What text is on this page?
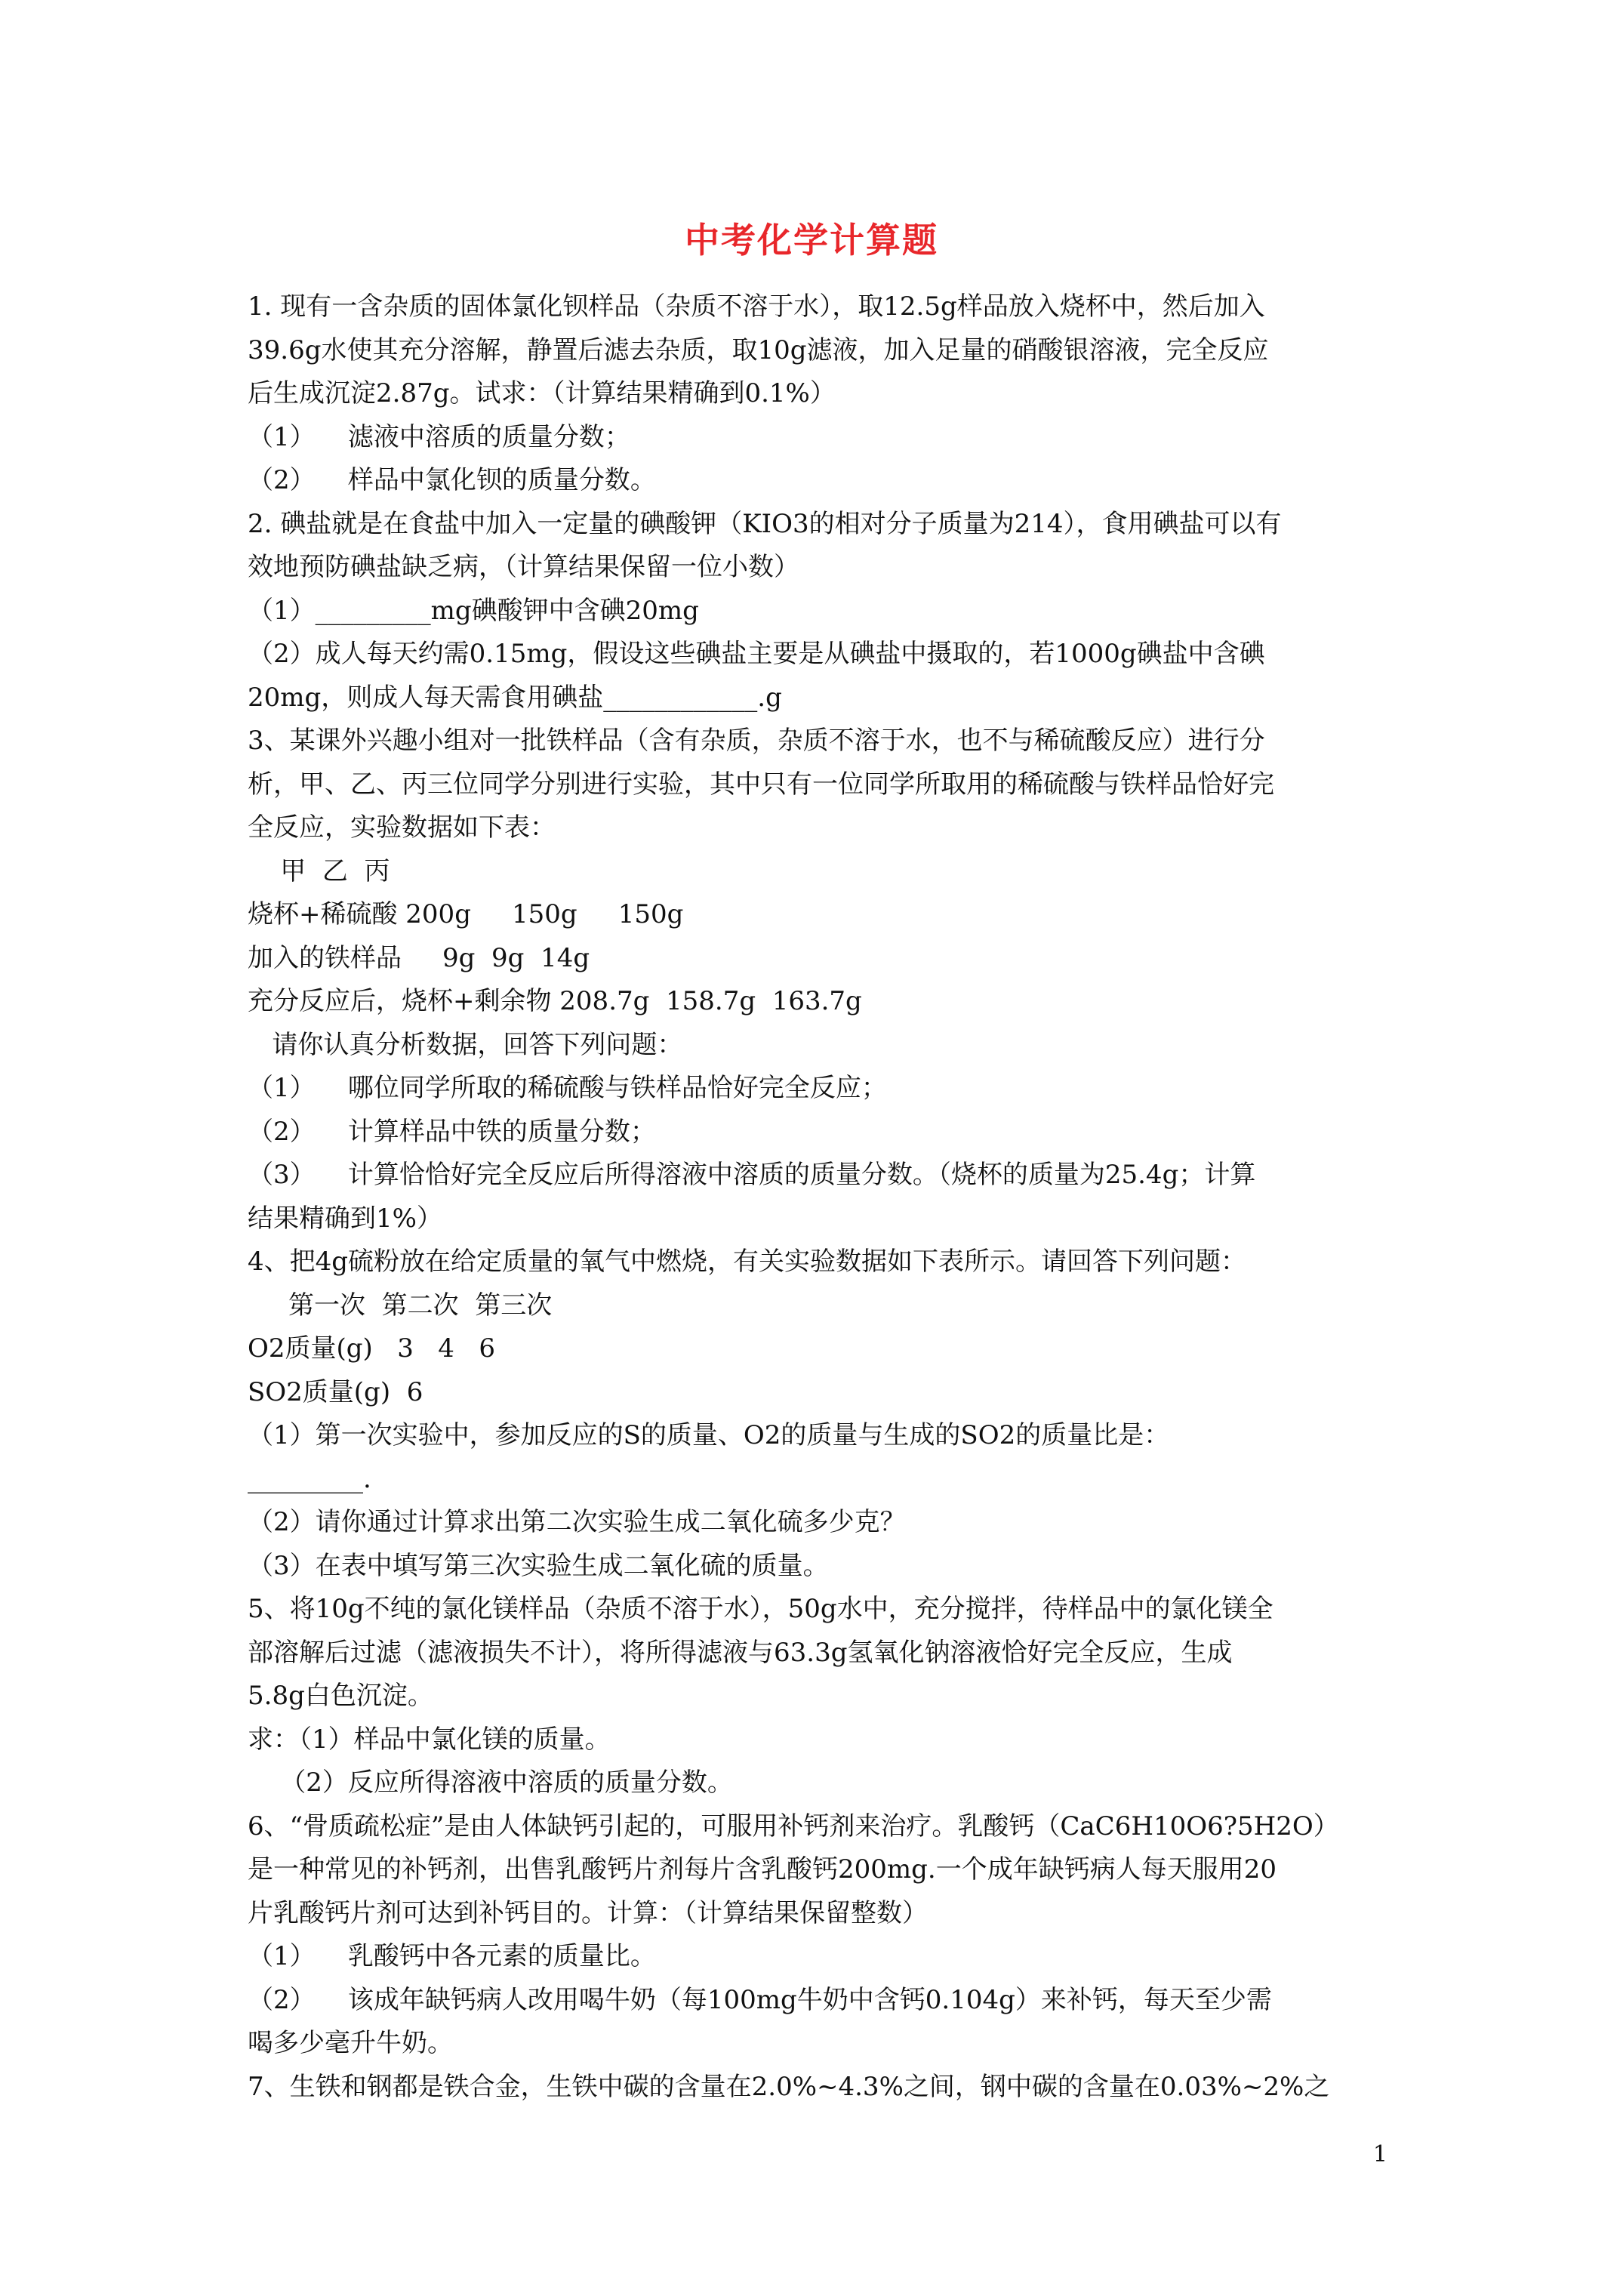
中考化学计算题
1. 现有一含杂质的固体氯化钡样品（杂质不溶于水），取12.5g样品放入烧杯中，然后加入
39.6g水使其充分溶解，静置后滤去杂质，取10g滤液，加入足量的硝酸银溶液，完全反应
后生成沉淀2.87g。试求：（计算结果精确到0.1%）
（1）    滤液中溶质的质量分数；
（2）    样品中氯化钡的质量分数。
2. 碘盐就是在食盐中加入一定量的碘酸钾（KIO3的相对分子质量为214），食用碘盐可以有
效地预防碘盐缺乏病，（计算结果保留一位小数）
（1）_________mg碘酸钾中含碘20mg
（2）成人每天约需0.15mg，假设这些碘盐主要是从碘盐中摄取的，若1000g碘盐中含碘
20mg，则成人每天需食用碘盐____________.g
3、某课外兴趣小组对一批铁样品（含有杂质，杂质不溶于水，也不与稀硫酸反应）进行分
析，甲、乙、丙三位同学分别进行实验，其中只有一位同学所取用的稀硫酸与铁样品恰好完
全反应，实验数据如下表：
甲  乙  丙
烧杯+稀硫酸 200g     150g     150g
加入的铁样品     9g  9g  14g
充分反应后，烧杯+剩余物 208.7g  158.7g  163.7g
请你认真分析数据，回答下列问题：
（1）    哪位同学所取的稀硫酸与铁样品恰好完全反应；
（2）    计算样品中铁的质量分数；
（3）    计算恰恰好完全反应后所得溶液中溶质的质量分数。（烧杯的质量为25.4g；计算
结果精确到1%）
4、把4g硫粉放在给定质量的氧气中燃烧，有关实验数据如下表所示。请回答下列问题：
第一次  第二次  第三次
O2质量(g)   3   4   6
SO2质量(g)  6
（1）第一次实验中，参加反应的S的质量、O2的质量与生成的SO2的质量比是：
_________.
（2）请你通过计算求出第二次实验生成二氧化硫多少克？
（3）在表中填写第三次实验生成二氧化硫的质量。
5、将10g不纯的氯化镁样品（杂质不溶于水），50g水中，充分搅拌，待样品中的氯化镁全
部溶解后过滤（滤液损失不计），将所得滤液与63.3g氢氧化钠溶液恰好完全反应，生成
5.8g白色沉淀。
求：（1）样品中氯化镁的质量。
（2）反应所得溶液中溶质的质量分数。
6、“骨质疏松症”是由人体缺钙引起的，可服用补钙剂来治疗。乳酸钙（CaC6H10O6?5H2O）
是一种常见的补钙剂，出售乳酸钙片剂每片含乳酸钙200mg.一个成年缺钙病人每天服用20
片乳酸钙片剂可达到补钙目的。计算：（计算结果保留整数）
（1）    乳酸钙中各元素的质量比。
（2）    该成年缺钙病人改用喝牛奶（每100mg牛奶中含钙0.104g）来补钙，每天至少需
喝多少毫升牛奶。
7、生铁和钢都是铁合金，生铁中碳的含量在2.0%~4.3%之间，钢中碳的含量在0.03%~2%之
1
